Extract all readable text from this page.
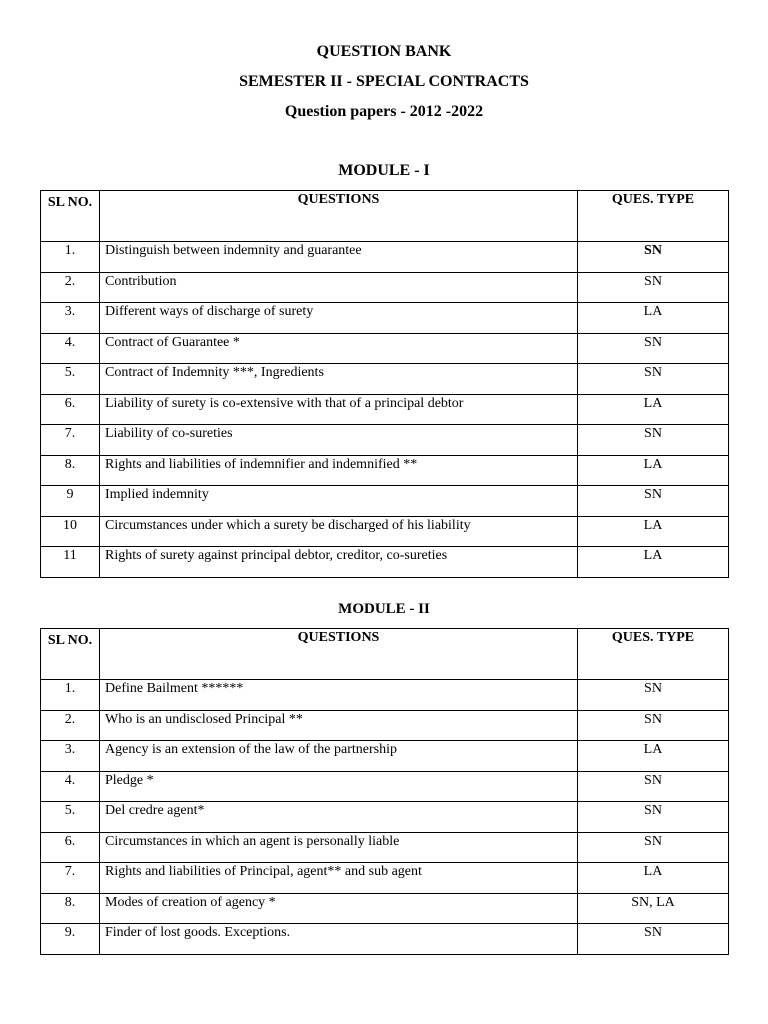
QUESTION BANK
SEMESTER II - SPECIAL CONTRACTS
Question papers - 2012 -2022
MODULE - I
SL NO.	QUESTIONS	QUES. TYPE
1.	Distinguish between indemnity and guarantee	SN
2.	Contribution	SN
3.	Different ways of discharge of surety	LA
4.	Contract of Guarantee *	SN
5.	Contract of Indemnity ***, Ingredients	SN
6.	Liability of surety is co-extensive with that of a principal debtor	LA
7.	Liability of co-sureties	SN
8.	Rights and liabilities of indemnifier and indemnified **	LA
9	Implied indemnity	SN
10	Circumstances under which a surety be discharged of his liability	LA
11	Rights of surety against principal debtor, creditor, co-sureties	LA
MODULE - II
SL NO.	QUESTIONS	QUES. TYPE
1.	Define Bailment ******	SN
2.	Who is an undisclosed Principal **	SN
3.	Agency is an extension of the law of the partnership	LA
4.	Pledge *	SN
5.	Del credre agent*	SN
6.	Circumstances in which an agent is personally liable	SN
7.	Rights and liabilities of Principal, agent** and sub agent	LA
8.	Modes of creation of agency *	SN, LA
9.	Finder of lost goods. Exceptions.	SN
